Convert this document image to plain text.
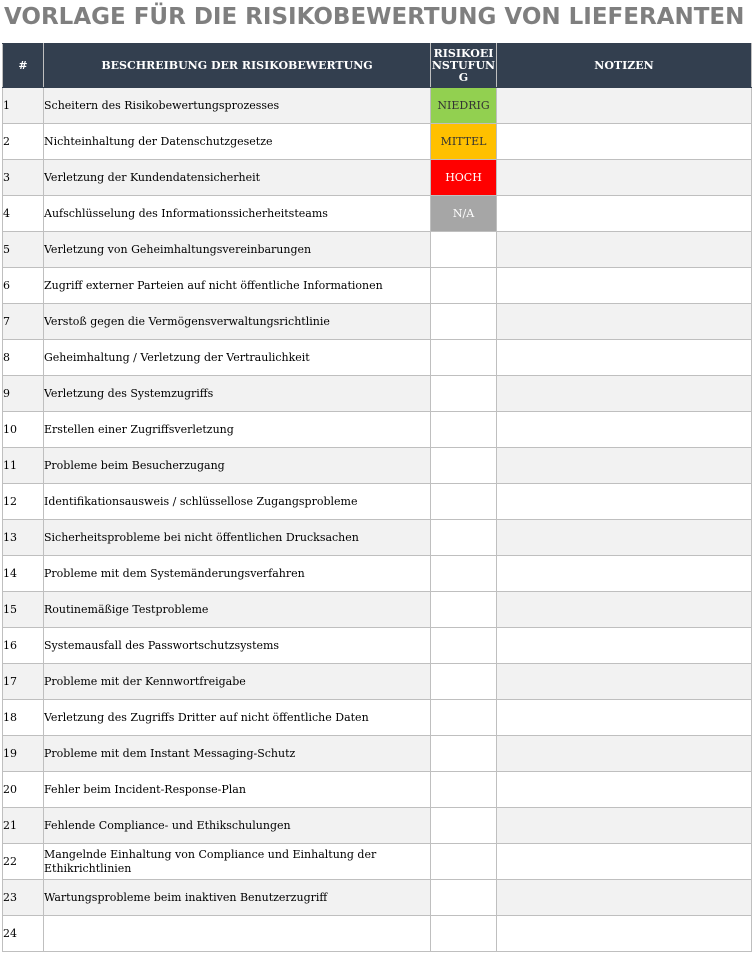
VORLAGE FÜR DIE RISIKOBEWERTUNG VON LIEFERANTEN
#	BESCHREIBUNG DER RISIKOBEWERTUNG	RISIKOEINSTUFUNG	NOTIZEN
1	Scheitern des Risikobewertungsprozesses	NIEDRIG	
2	Nichteinhaltung der Datenschutzgesetze	MITTEL	
3	Verletzung der Kundendatensicherheit	HOCH	
4	Aufschlüsselung des Informationssicherheitsteams	N/A	
5	Verletzung von Geheimhaltungsvereinbarungen		
6	Zugriff externer Parteien auf nicht öffentliche Informationen		
7	Verstoß gegen die Vermögensverwaltungsrichtlinie		
8	Geheimhaltung / Verletzung der Vertraulichkeit		
9	Verletzung des Systemzugriffs		
10	Erstellen einer Zugriffsverletzung		
11	Probleme beim Besucherzugang		
12	Identifikationsausweis / schlüssellose Zugangsprobleme		
13	Sicherheitsprobleme bei nicht öffentlichen Drucksachen		
14	Probleme mit dem Systemänderungsverfahren		
15	Routinemäßige Testprobleme		
16	Systemausfall des Passwortschutzsystems		
17	Probleme mit der Kennwortfreigabe		
18	Verletzung des Zugriffs Dritter auf nicht öffentliche Daten		
19	Probleme mit dem Instant Messaging-Schutz		
20	Fehler beim Incident-Response-Plan		
21	Fehlende Compliance- und Ethikschulungen		
22	Mangelnde Einhaltung von Compliance und Einhaltung der Ethikrichtlinien		
23	Wartungsprobleme beim inaktiven Benutzerzugriff		
24			
